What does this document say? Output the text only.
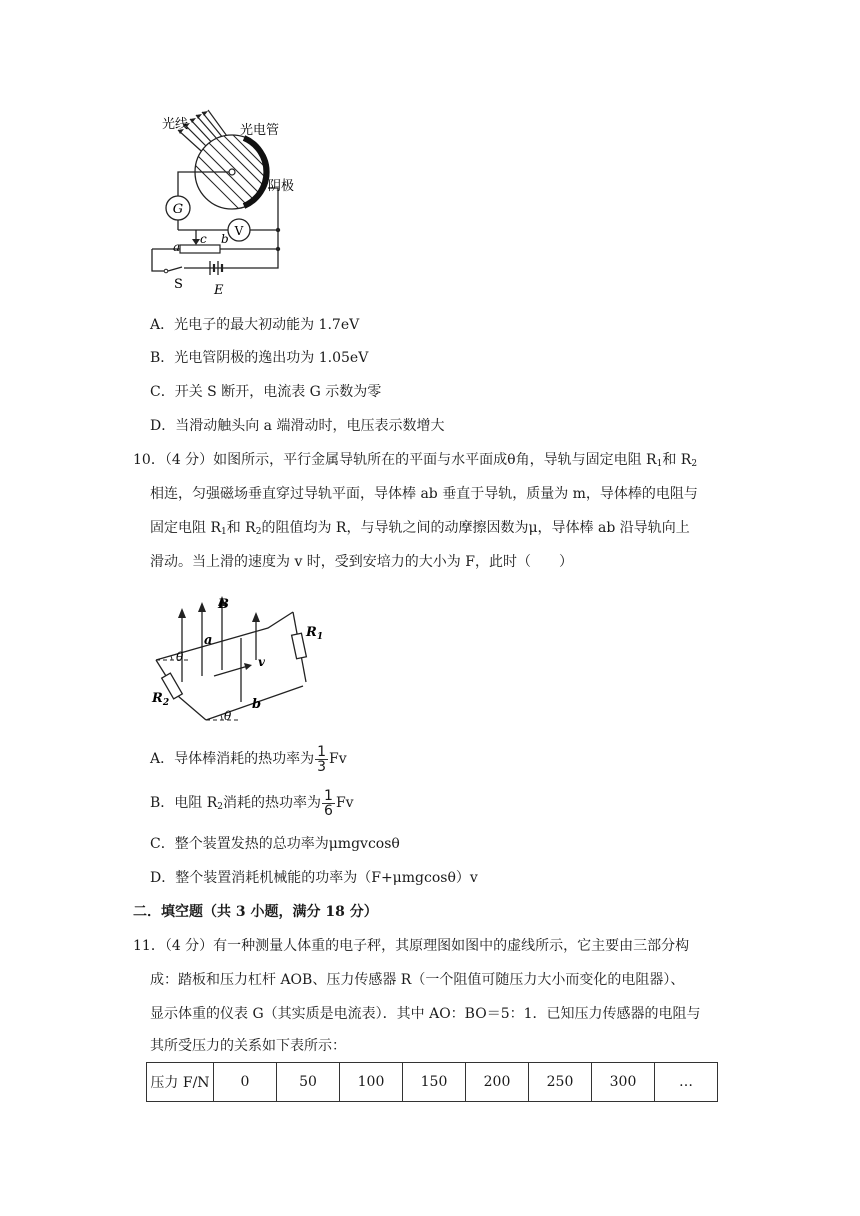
G
V
光线	光电管
阴极
a
c b
S E
A．光电子的最大初动能为 1.7eV
B．光电管阴极的逸出功为 1.05eV
C．开关 S 断开，电流表 G 示数为零
D．当滑动触头向 a 端滑动时，电压表示数增大
10．（4 分）如图所示，平行金属导轨所在的平面与水平面成θ角，导轨与固定电阻 $R_1$和 $R_2$
相连，匀强磁场垂直穿过导轨平面，导体棒 ab 垂直于导轨，质量为 m，导体棒的电阻与
固定电阻 $R_1$和 $R_2$的阻值均为 R，与导轨之间的动摩擦因数为μ，导体棒 ab 沿导轨向上
滑动。当上滑的速度为 v 时，受到安培力的大小为 F，此时（　　）
B
a
b
v
$R_1$
$R_2$
θ
θ
A．导体棒消耗的热功率为 $\frac{1}{3}$ Fv
B．电阻 $R_2$消耗的热功率为 $\frac{1}{6}$ Fv
C．整个装置发热的总功率为μmgvcosθ
D．整个装置消耗机械能的功率为（F+μmgcosθ）v
二．填空题（共 3 小题，满分 18 分）
11．（4 分）有一种测量人体重的电子秤，其原理图如图中的虚线所示，它主要由三部分构
成：踏板和压力杠杆 AOB、压力传感器 R（一个阻值可随压力大小而变化的电阻器）、
显示体重的仪表 G（其实质是电流表）．其中 AO：BO＝5：1．已知压力传感器的电阻与
其所受压力的关系如下表所示：
压力 F/N	0	50	100	150	200	250	300	…
